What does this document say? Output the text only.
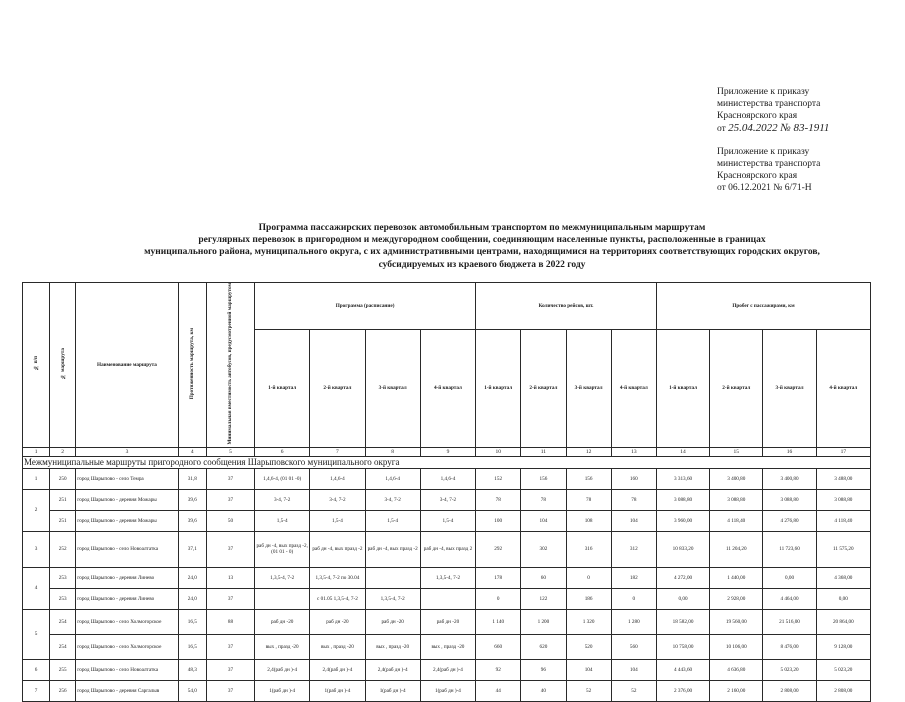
Приложение к приказу
министерства транспорта
Красноярского края
от 25.04.2022 № 83-1911
Приложение к приказу
министерства транспорта
Красноярского края
от 06.12.2021 № 6/71-Н
Программа пассажирских перевозок автомобильным транспортом по межмуниципальным маршрутам
регулярных перевозок в пригородном и междугородном сообщении, соединяющим населенные пункты, расположенные в границах
муниципального района, муниципального округа, с их административными центрами, находящимися на территориях соответствующих городских округов,
субсидируемых из краевого бюджета в 2022 году
№ п/п	№ маршрута	Наименование маршрута	Протяженность маршрута, км	Минимальная вместимость автобусов, предусмотренной маршрутом	Программа (расписание)				Количество рейсов, шт.				Пробег с пассажирами, км			
					1-й квартал	2-й квартал	3-й квартал	4-й квартал	1-й квартал	2-й квартал	3-й квартал	4-й квартал	1-й квартал	2-й квартал	3-й квартал	4-й квартал
1	2	3	4	5	6	7	8	9	10	11	12	13	14	15	16	17
Межмуниципальные маршруты пригородного сообщения Шарыповского муниципального округа																
1	250	город Шарыпово - село Темра	31,8	37	1,4,6-4, (01 01 -0)	1,4,6-4	1,4,6-4	1,4,6-4	152	156	156	160	3 313,60	3 400,80	3 400,80	3 488,00
2	251	город Шарыпово - деревня Можары	39,6	37	3-4, 7-2	3-4, 7-2	3-4, 7-2	3-4, 7-2	78	78	78	78	3 088,80	3 088,80	3 088,80	3 088,80
	251	город Шарыпово - деревня Можары	39,6	50	1,5-4	1,5-4	1,5-4	1,5-4	100	104	108	104	3 960,00	4 118,40	4 276,80	4 118,40
3	252	город Шарыпово - село Новоалтатка	37,1	37	раб дн -4, вых празд -2, (01 01 - 0)	раб дн -4, вых празд -2	раб дн -4, вых празд -2	раб дн -4, вых празд 2	292	302	316	312	10 833,20	11 204,20	11 723,60	11 575,20
4	253	город Шарыпово - деревня Линево	24,0	13	1,3,5-4, 7-2	1,3,5-4, 7-2 по 30.04		1,3,5-4, 7-2	178	60	0	182	4 272,00	1 440,00	0,00	4 368,00
	253	город Шарыпово - деревня Линево	24,0	37		с 01.05 1,3,5-4, 7-2	1,3,5-4, 7-2		0	122	186	0	0,00	2 928,00	4 464,00	0,00
5	254	город Шарыпово - село Холмогорское	16,5	88	раб дн -20	раб дн -20	раб дн -20	раб дн -20	1 140	1 200	1 320	1 280	18 582,00	19 560,00	21 516,00	20 864,00
	254	город Шарыпово - село Холмогорское	16,5	37	вых , празд -20	вых , празд -20	вых , празд -20	вых , празд -20	660	620	520	560	10 758,00	10 106,00	8 476,00	9 128,00
6	255	город Шарыпово - село Новоалтатка	48,3	37	2,4(раб дн )-4	2,4(раб дн )-4	2,4(раб дн )-4	2,4(раб дн )-4	92	96	104	104	4 443,60	4 636,80	5 023,20	5 023,20
7	256	город Шарыпово - деревня Саргалыв	54,0	37	1(раб дн )-4	1(раб дн )-4	1(раб дн )-4	1(раб дн )-4	44	40	52	52	2 376,00	2 160,00	2 808,00	2 808,00
